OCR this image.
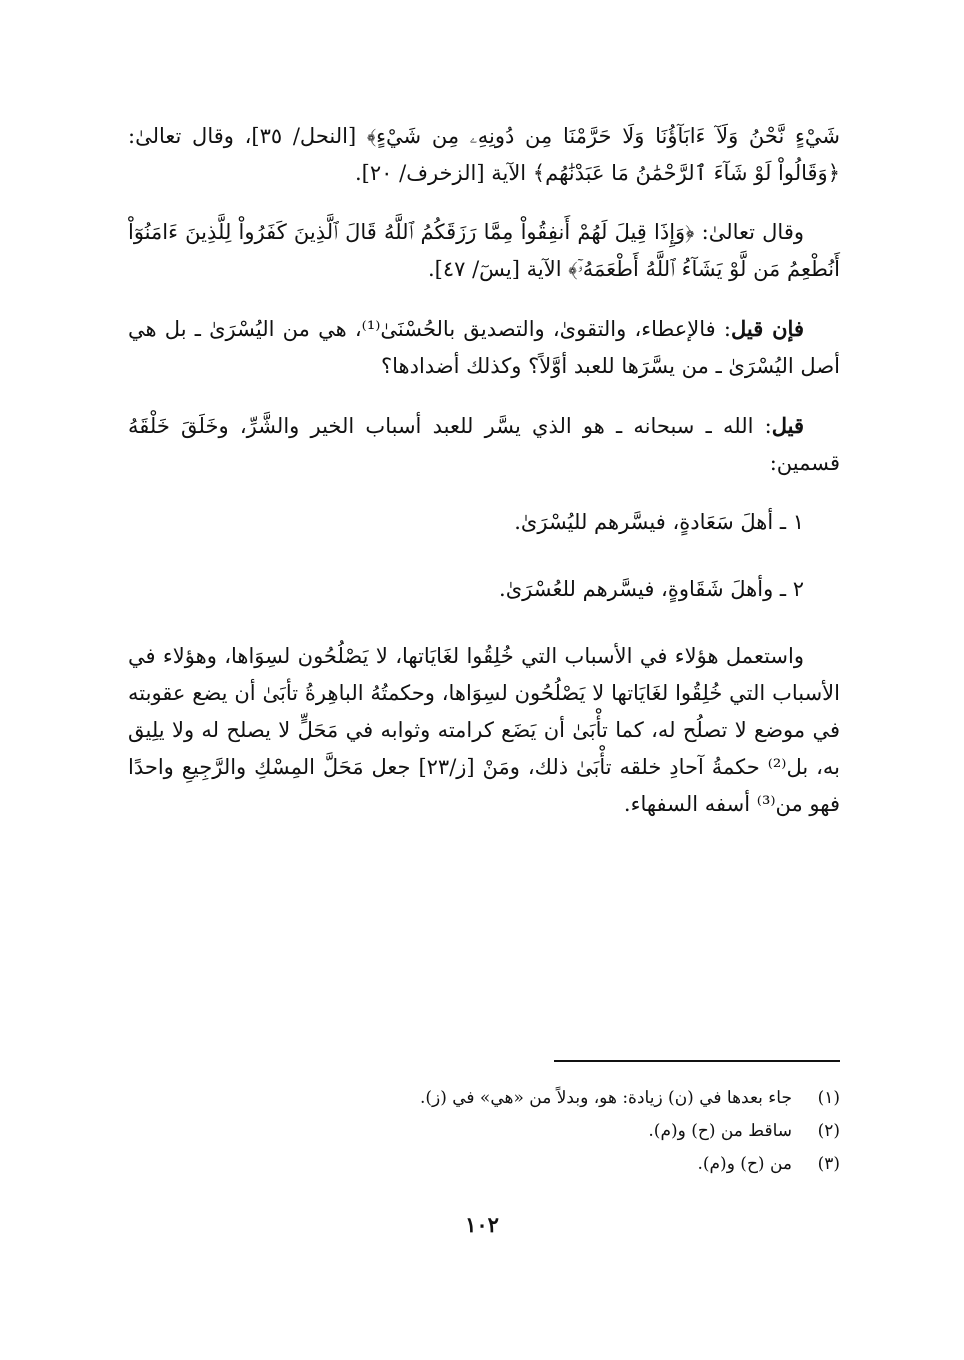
شَيْءٍ نَّحْنُ وَلَآ ءَابَآؤُنَا وَلَا حَرَّمْنَا مِن دُونِهِۦ مِن شَيْءٍ﴾ [النحل/ ٣٥]، وقال تعالىٰ: ﴿وَقَالُواْ لَوْ شَآءَ ٱلرَّحْمَٰنُ مَا عَبَدْنَٰهُم﴾ الآية [الزخرف/ ٢٠].

وقال تعالىٰ: ﴿وَإِذَا قِيلَ لَهُمْ أَنفِقُواْ مِمَّا رَزَقَكُمُ ٱللَّهُ قَالَ ٱلَّذِينَ كَفَرُواْ لِلَّذِينَ ءَامَنُوٓاْ أَنُطْعِمُ مَن لَّوْ يَشَآءُ ٱللَّهُ أَطْعَمَهُۥٓ﴾ الآية [يسٓ/ ٤٧].

فإن قيل: فالإعطاء، والتقوىٰ، والتصديق بالحُسْنَىٰ⁽¹⁾، هي من اليُسْرَىٰ ـ بل هي أصل اليُسْرَىٰ ـ من يسَّرَها للعبد أوَّلاً؟ وكذلك أضدادها؟

قيل: الله ـ سبحانه ـ هو الذي يسَّر للعبد أسباب الخير والشَّرِّ، وخَلَقَ خَلْقَهُ قسمين:

١ ـ أهلَ سَعَادةٍ، فيسَّرهم لليُسْرَىٰ.

٢ ـ وأهلَ شَقَاوةٍ، فيسَّرهم للعُسْرَىٰ.

واستعمل هؤلاء في الأسباب التي خُلِقُوا لغَايَاتها، لا يَصْلُحُون لسِوَاها، وهؤلاء في الأسباب التي خُلِقُوا لغَايَاتها لا يَصْلُحُون لسِوَاها، وحكمتُهُ الباهِرةُ تأبَىٰ أن يضع عقوبته في موضع لا تصلُح له، كما تأْبَىٰ أن يَضَع كرامته وثوابه في مَحَلٍّ لا يصلح له ولا يلِيق به، بل⁽²⁾ حكمةُ آحادِ خلقه تأْبَىٰ ذلك، ومَنْ [ز/٢٣] جعل مَحَلَّ المِسْكِ والرَّجِيعِ واحدًا فهو من⁽³⁾ أسفه السفهاء.

(١)
جاء بعدها في (ن) زيادة: هو، وبدلاً من «هي» في (ز).
(٢)
ساقط من (ح) و(م).
(٣)
من (ح) و(م).
١٠٢
